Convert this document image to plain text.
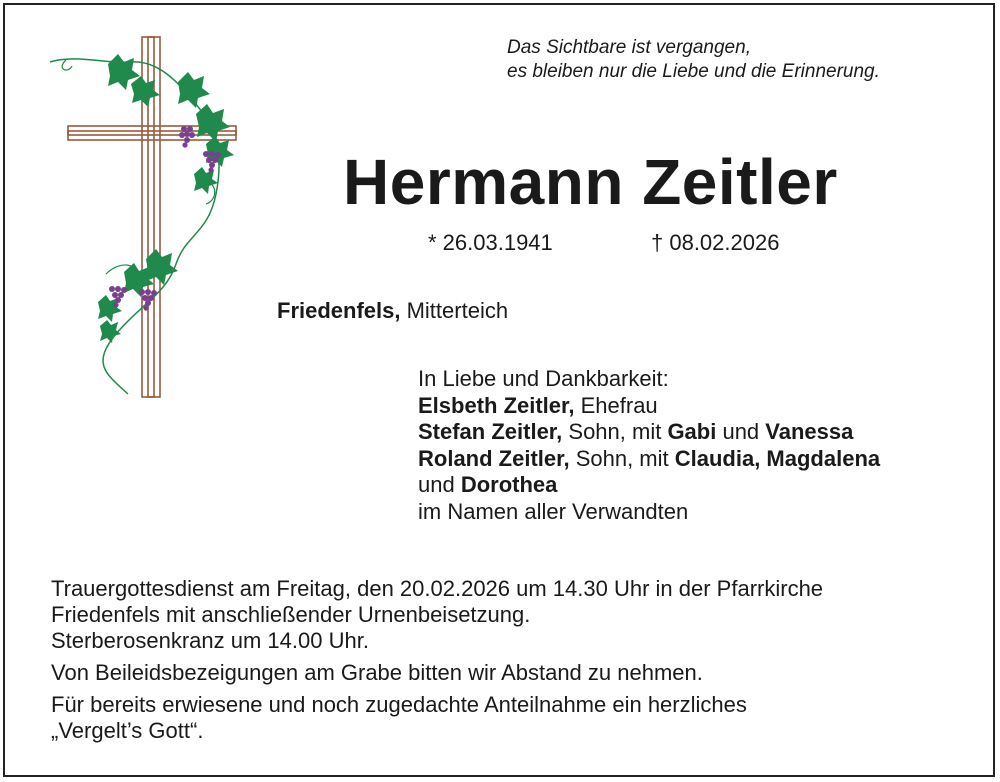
Das Sichtbare ist vergangen,
es bleiben nur die Liebe und die Erinnerung.
Hermann Zeitler
* 26.03.1941	† 08.02.2026
Friedenfels, Mitterteich
In Liebe und Dankbarkeit:
Elsbeth Zeitler, Ehefrau
Stefan Zeitler, Sohn, mit Gabi und Vanessa
Roland Zeitler, Sohn, mit Claudia, Magdalena
und Dorothea
im Namen aller Verwandten

Trauergottesdienst am Freitag, den 20.02.2026 um 14.30 Uhr in der Pfarrkirche

Friedenfels mit anschließender Urnenbeisetzung.

Sterberosenkranz um 14.00 Uhr.

Von Beileidsbezeigungen am Grabe bitten wir Abstand zu nehmen.

Für bereits erwiesene und noch zugedachte Anteilnahme ein herzliches

„Vergelt’s Gott“.
